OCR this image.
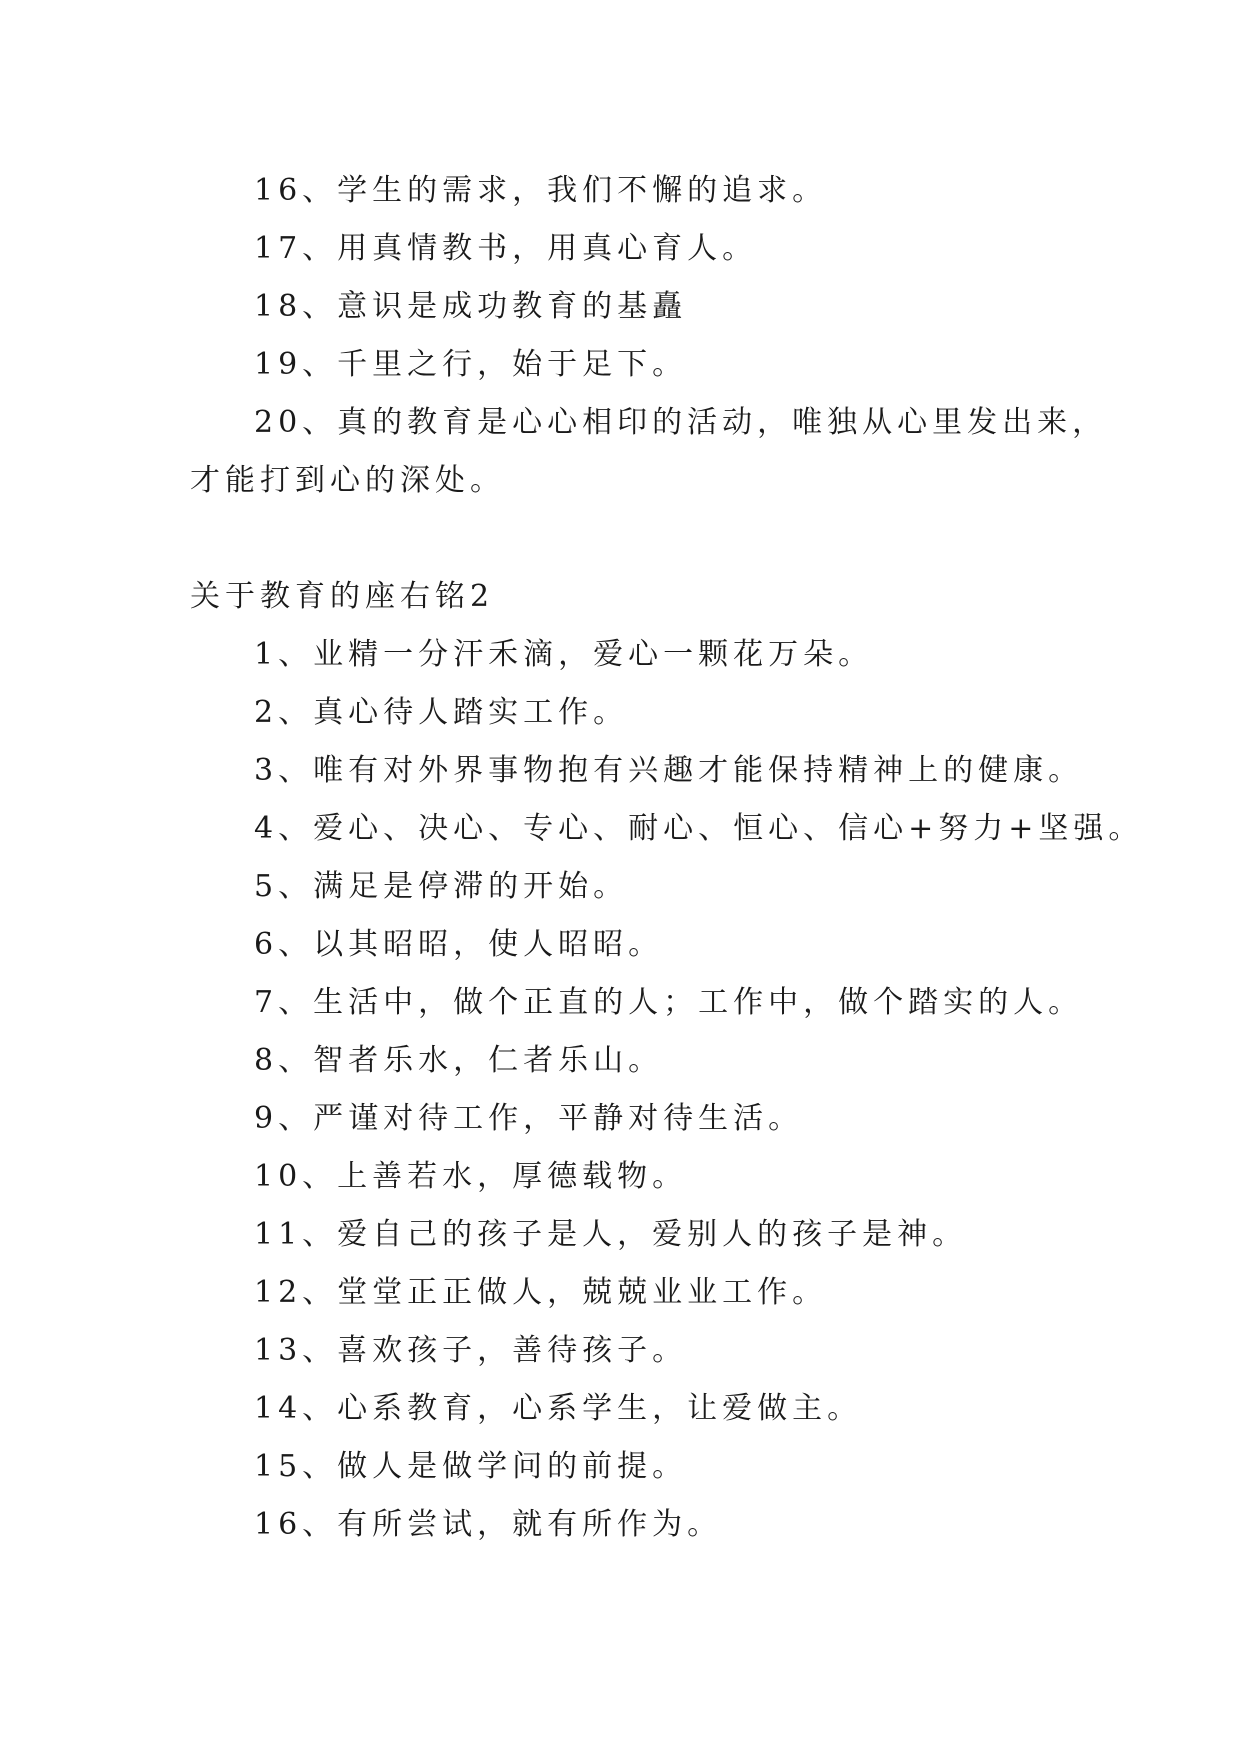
16、学生的需求，我们不懈的追求。
17、用真情教书，用真心育人。
18、意识是成功教育的基矗
19、千里之行，始于足下。
20、真的教育是心心相印的活动，唯独从心里发出来，
才能打到心的深处。
关于教育的座右铭2
1、业精一分汗禾滴，爱心一颗花万朵。
2、真心待人踏实工作。
3、唯有对外界事物抱有兴趣才能保持精神上的健康。
4、爱心、决心、专心、耐心、恒心、信心+努力+坚强。
5、满足是停滞的开始。
6、以其昭昭，使人昭昭。
7、生活中，做个正直的人；工作中，做个踏实的人。
8、智者乐水，仁者乐山。
9、严谨对待工作，平静对待生活。
10、上善若水，厚德载物。
11、爱自己的孩子是人，爱别人的孩子是神。
12、堂堂正正做人，兢兢业业工作。
13、喜欢孩子，善待孩子。
14、心系教育，心系学生，让爱做主。
15、做人是做学问的前提。
16、有所尝试，就有所作为。
